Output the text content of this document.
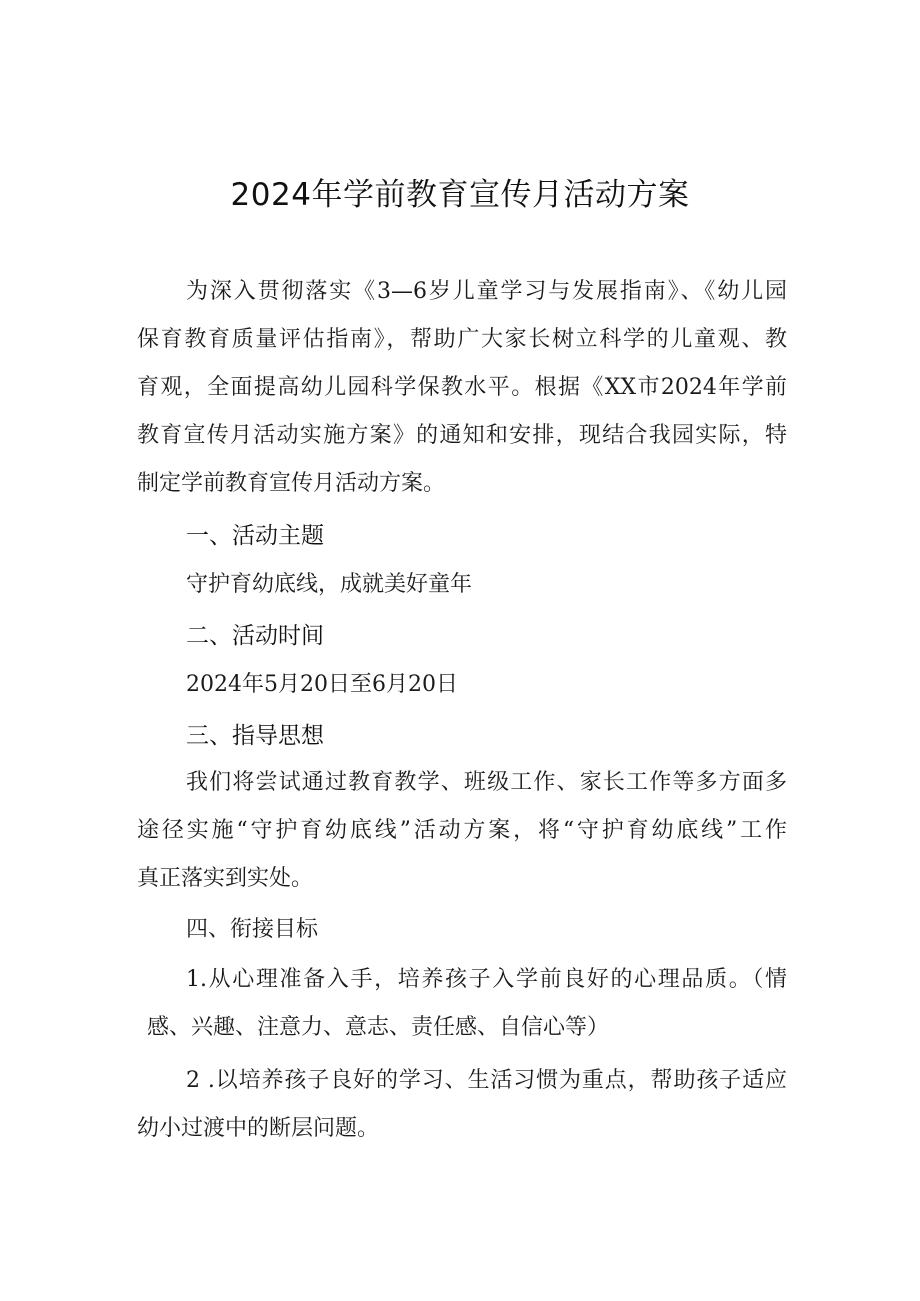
2024年学前教育宣传月活动方案
为深入贯彻落实《3—6岁儿童学习与发展指南》、《幼儿园
保育教育质量评估指南》，帮助广大家长树立科学的儿童观、教
育观，全面提高幼儿园科学保教水平。根据《XX市2024年学前
教育宣传月活动实施方案》的通知和安排，现结合我园实际，特
制定学前教育宣传月活动方案。
一、活动主题
守护育幼底线，成就美好童年
二、活动时间
2024年5月20日至6月20日
三、指导思想
我们将尝试通过教育教学、班级工作、家长工作等多方面多
途径实施“守护育幼底线”活动方案，将“守护育幼底线”工作
真正落实到实处。
四、衔接目标
1.从心理准备入手，培养孩子入学前良好的心理品质。（情
感、兴趣、注意力、意志、责任感、自信心等）
2 .以培养孩子良好的学习、生活习惯为重点，帮助孩子适应
幼小过渡中的断层问题。
